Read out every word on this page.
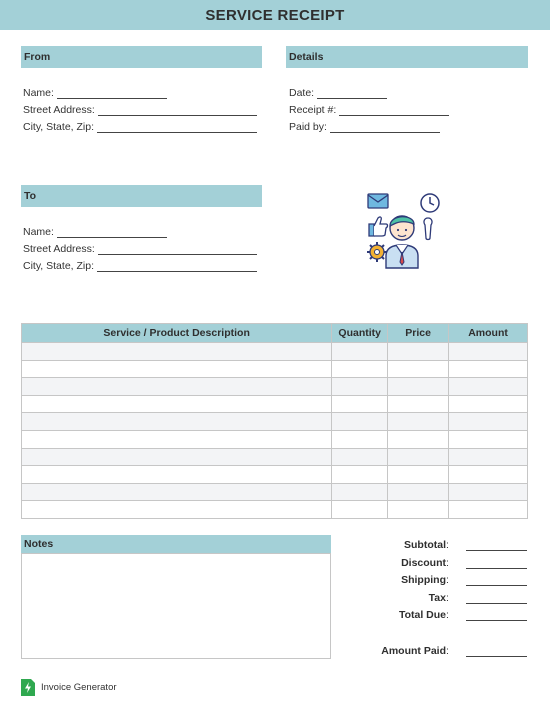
SERVICE RECEIPT
From
Name:
Street Address:
City, State, Zip:
Details
Date:
Receipt #:
Paid by:
To
Name:
Street Address:
City, State, Zip:
Service / Product Description	Quantity	Price	Amount

Notes	Subtotal :
Discount :
Shipping :
Tax :
Total Due :
Amount Paid :
Invoice Generator
